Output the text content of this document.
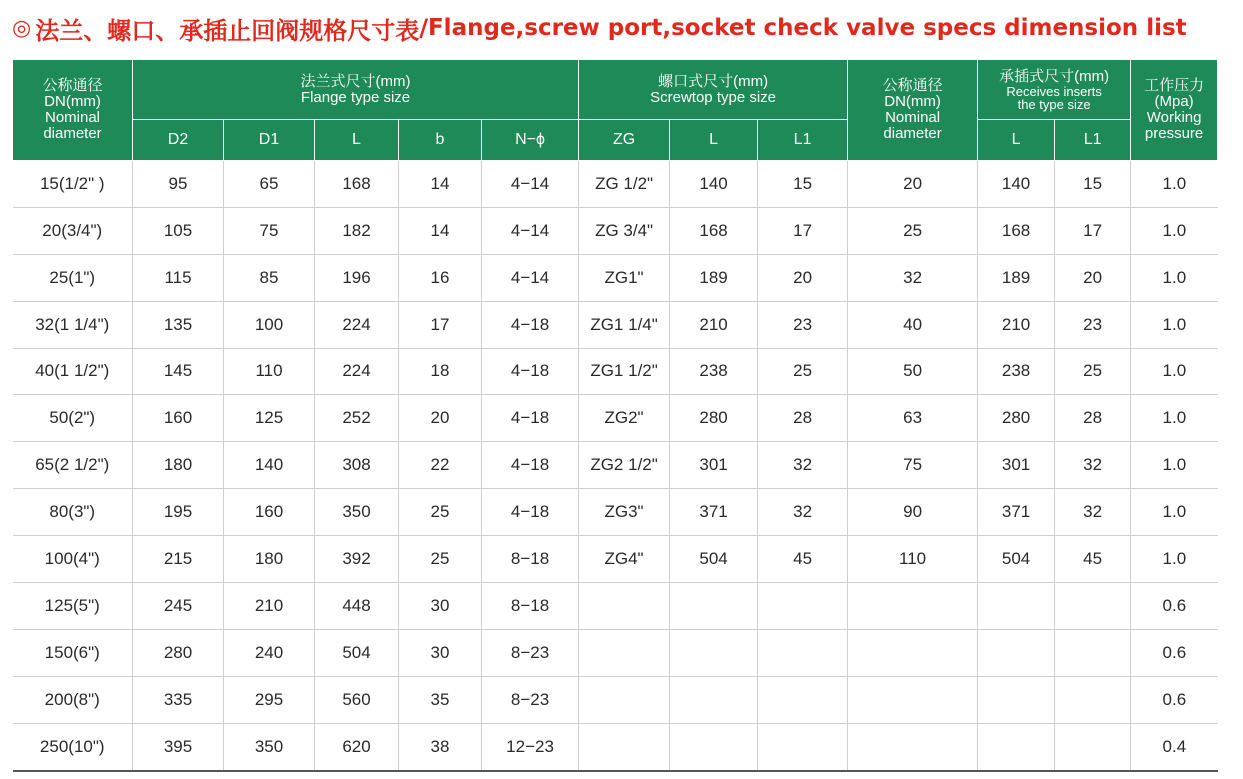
◎ 法兰、螺口、承插止回阀规格尺寸表 / Flange,screw port,socket check valve specs dimension list
公称通径
DN(mm)
Nominal
diameter	法兰式尺寸(mm)
Flange type size					螺口式尺寸(mm)
Screwtop type size			公称通径
DN(mm)
Nominal
diameter	承插式尺寸(mm)
Receives inserts
the type size		工作压力
(Mpa)
Working
pressure

	D2	D1	L	b	N−ϕ	ZG	L	L1		L	L1	
15(1/2" )	95	65	168	14	4−14	ZG 1/2"	140	15	20	140	15	1.0
20(3/4")	105	75	182	14	4−14	ZG 3/4"	168	17	25	168	17	1.0
25(1")	115	85	196	16	4−14	ZG1"	189	20	32	189	20	1.0
32(1 1/4")	135	100	224	17	4−18	ZG1 1/4"	210	23	40	210	23	1.0
40(1 1/2")	145	110	224	18	4−18	ZG1 1/2"	238	25	50	238	25	1.0
50(2")	160	125	252	20	4−18	ZG2"	280	28	63	280	28	1.0
65(2 1/2")	180	140	308	22	4−18	ZG2 1/2"	301	32	75	301	32	1.0
80(3")	195	160	350	25	4−18	ZG3"	371	32	90	371	32	1.0
100(4")	215	180	392	25	8−18	ZG4"	504	45	110	504	45	1.0
125(5")	245	210	448	30	8−18							0.6
150(6")	280	240	504	30	8−23							0.6
200(8")	335	295	560	35	8−23							0.6
250(10")	395	350	620	38	12−23							0.4
